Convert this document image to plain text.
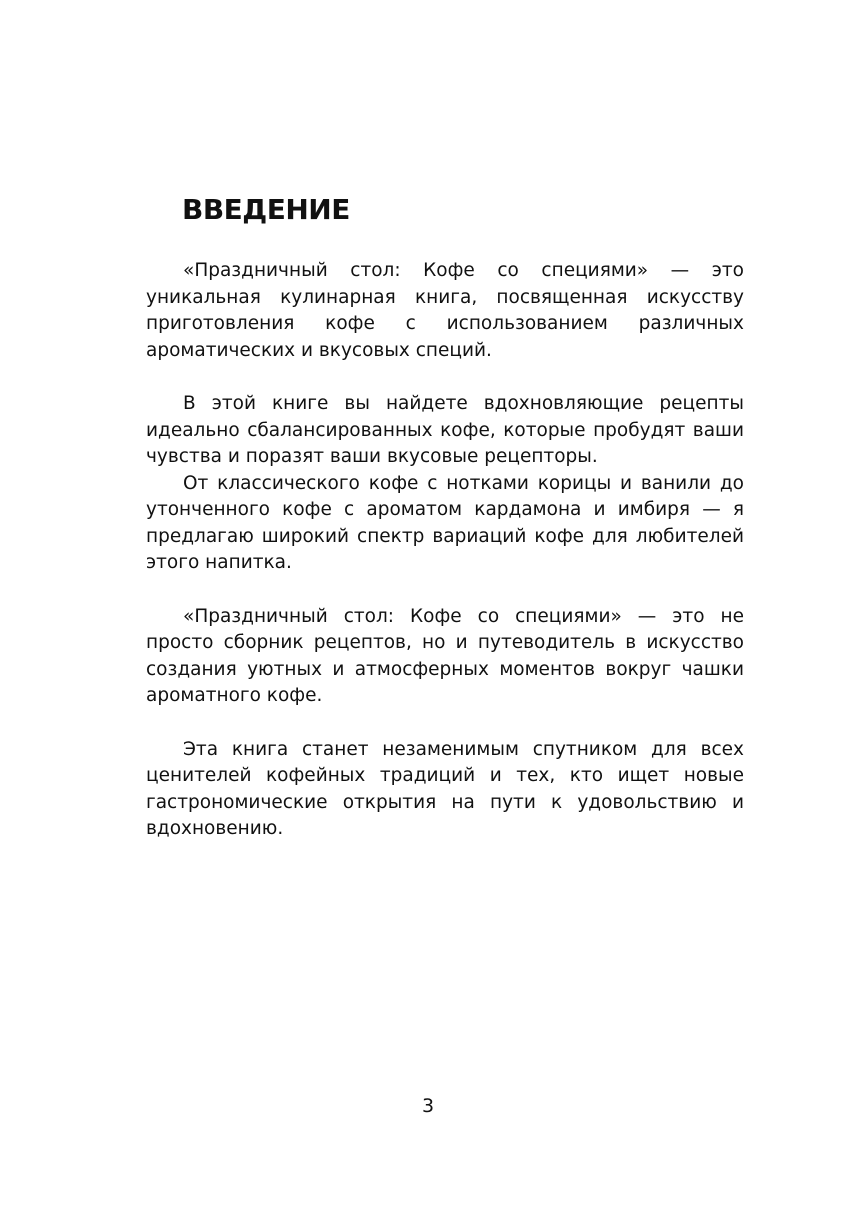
ВВЕДЕНИЕ

«Праздничный стол: Кофе со специями» — это уникальная кулинарная книга, посвященная искусству приготовления кофе с использованием различных ароматических и вкусовых специй.

В этой книге вы найдете вдохновляющие рецепты идеально сбалансированных кофе, которые пробудят ваши чувства и поразят ваши вкусовые рецепторы.

От классического кофе с нотками корицы и ванили до утонченного кофе с ароматом кардамона и имбиря — я предлагаю широкий спектр вариаций кофе для любителей этого напитка.

«Праздничный стол: Кофе со специями» — это не просто сборник рецептов, но и путеводитель в искусство создания уютных и атмосферных моментов вокруг чашки ароматного кофе.

Эта книга станет незаменимым спутником для всех ценителей кофейных традиций и тех, кто ищет новые гастрономические открытия на пути к удовольствию и вдохновению.

3
